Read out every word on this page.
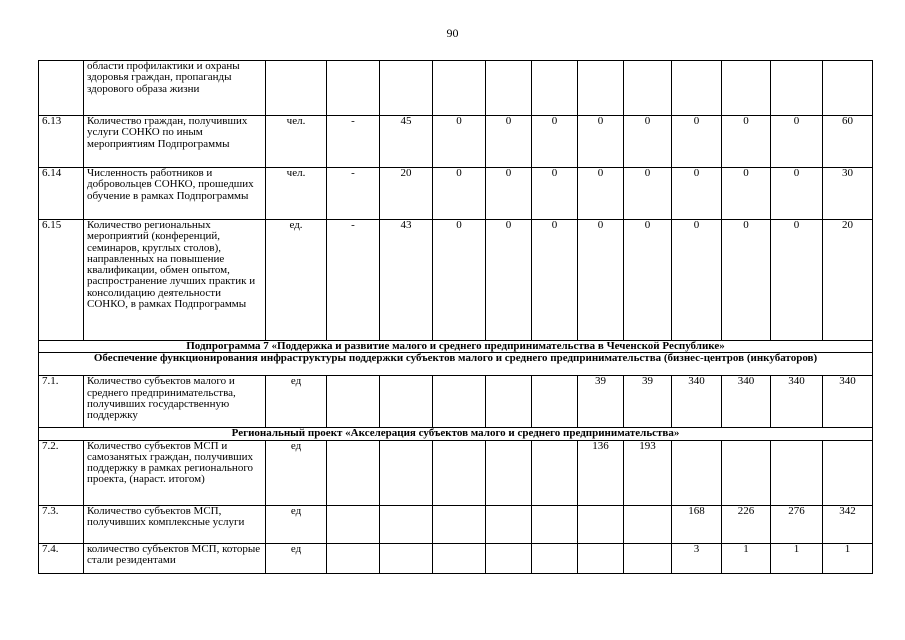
90
	области профилактики и охраны здоровья граждан, пропаганды здорового образа жизни												
6.13	Количество граждан, получивших услуги СОНКО по иным мероприятиям Подпрограммы	чел.	-	45	0	0	0	0	0	0	0	0	60
6.14	Численность работников и добровольцев СОНКО, прошедших обучение в рамках Подпрограммы	чел.	-	20	0	0	0	0	0	0	0	0	30
6.15	Количество региональных мероприятий (конференций, семинаров, круглых столов), направленных на повышение квалификации, обмен опытом, распространение лучших практик и консолидацию деятельности СОНКО, в рамках Подпрограммы	ед.	-	43	0	0	0	0	0	0	0	0	20
Подпрограмма 7 «Поддержка и развитие малого и среднего предпринимательства в Чеченской Республике»													
Обеспечение функционирования инфраструктуры поддержки субъектов малого и среднего предпринимательства (бизнес-центров (инкубаторов)													
7.1.	Количество субъектов малого и среднего предпринимательства, получивших государственную поддержку	ед						39	39	340	340	340	340
Региональный проект «Акселерация субъектов малого и среднего предпринимательства»													
7.2.	Количество субъектов МСП и самозанятых граждан, получивших поддержку в рамках регионального проекта, (нараст. итогом)	ед						136	193				
7.3.	Количество субъектов МСП, получивших комплексные услуги	ед								168	226	276	342
7.4.	количество субъектов МСП, которые стали резидентами	ед								3	1	1	1
